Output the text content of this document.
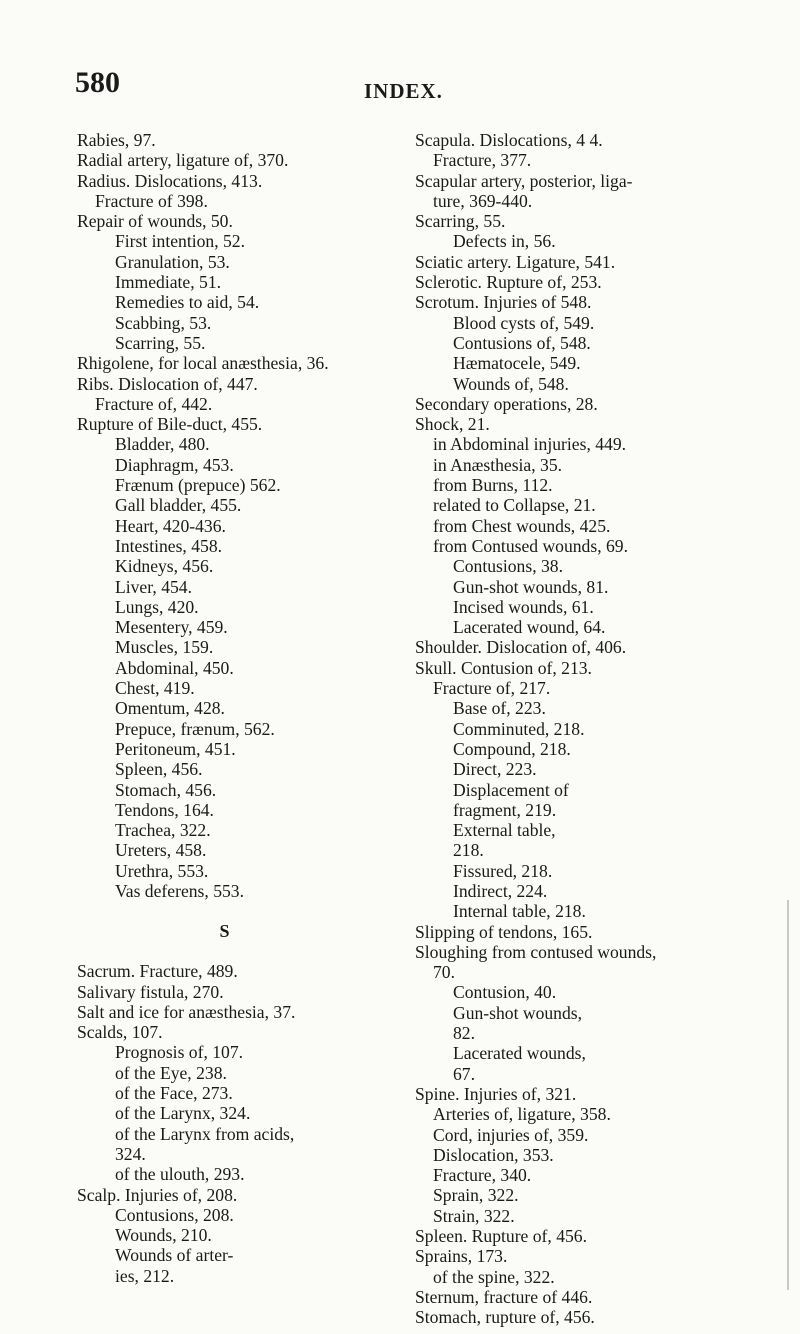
580	INDEX.
Rabies, 97.
Radial artery, ligature of, 370.
Radius. Dislocations, 413.
Fracture of 398.
Repair of wounds, 50.
First intention, 52.
Granulation, 53.
Immediate, 51.
Remedies to aid, 54.
Scabbing, 53.
Scarring, 55.
Rhigolene, for local anæsthesia, 36.
Ribs. Dislocation of, 447.
Fracture of, 442.
Rupture of Bile-duct, 455.
Bladder, 480.
Diaphragm, 453.
Frænum (prepuce) 562.
Gall bladder, 455.
Heart, 420-436.
Intestines, 458.
Kidneys, 456.
Liver, 454.
Lungs, 420.
Mesentery, 459.
Muscles, 159.
Abdominal, 450.
Chest, 419.
Omentum, 428.
Prepuce, frænum, 562.
Peritoneum, 451.
Spleen, 456.
Stomach, 456.
Tendons, 164.
Trachea, 322.
Ureters, 458.
Urethra, 553.
Vas deferens, 553.
S
Sacrum. Fracture, 489.
Salivary fistula, 270.
Salt and ice for anæsthesia, 37.
Scalds, 107.
Prognosis of, 107.
of the Eye, 238.
of the Face, 273.
of the Larynx, 324.
of the Larynx from acids,
324.
of the ulouth, 293.
Scalp. Injuries of, 208.
Contusions, 208.
Wounds, 210.
Wounds of arter-
ies, 212.
Scapula. Dislocations, 4 4.
Fracture, 377.
Scapular artery, posterior, liga-
ture, 369-440.
Scarring, 55.
Defects in, 56.
Sciatic artery. Ligature, 541.
Sclerotic. Rupture of, 253.
Scrotum. Injuries of 548.
Blood cysts of, 549.
Contusions of, 548.
Hæmatocele, 549.
Wounds of, 548.
Secondary operations, 28.
Shock, 21.
in Abdominal injuries, 449.
in Anæsthesia, 35.
from Burns, 112.
related to Collapse, 21.
from Chest wounds, 425.
from Contused wounds, 69.
Contusions, 38.
Gun-shot wounds, 81.
Incised wounds, 61.
Lacerated wound, 64.
Shoulder. Dislocation of, 406.
Skull. Contusion of, 213.
Fracture of, 217.
Base of, 223.
Comminuted, 218.
Compound, 218.
Direct, 223.
Displacement of
fragment, 219.
External table,
218.
Fissured, 218.
Indirect, 224.
Internal table, 218.
Slipping of tendons, 165.
Sloughing from contused wounds,
70.
Contusion, 40.
Gun-shot wounds,
82.
Lacerated wounds,
67.
Spine. Injuries of, 321.
Arteries of, ligature, 358.
Cord, injuries of, 359.
Dislocation, 353.
Fracture, 340.
Sprain, 322.
Strain, 322.
Spleen. Rupture of, 456.
Sprains, 173.
of the spine, 322.
Sternum, fracture of 446.
Stomach, rupture of, 456.
